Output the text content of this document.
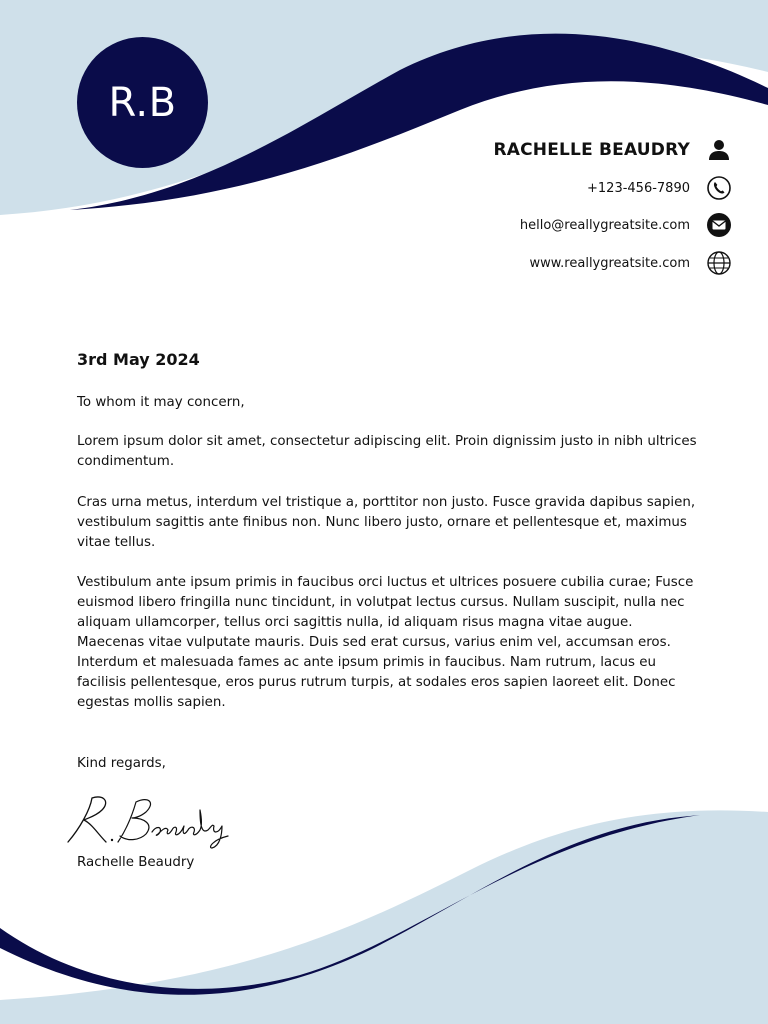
R.B
RACHELLE BEAUDRY
+123-456-7890
hello@reallygreatsite.com
www.reallygreatsite.com
3rd May 2024

To whom it may concern,

Lorem ipsum dolor sit amet, consectetur adipiscing elit. Proin dignissim justo in nibh ultrices condimentum.

Cras urna metus, interdum vel tristique a, porttitor non justo. Fusce gravida dapibus sapien, vestibulum sagittis ante finibus non. Nunc libero justo, ornare et pellentesque et, maximus vitae tellus.

Vestibulum ante ipsum primis in faucibus orci luctus et ultrices posuere cubilia curae; Fusce euismod libero fringilla nunc tincidunt, in volutpat lectus cursus. Nullam suscipit, nulla nec aliquam ullamcorper, tellus orci sagittis nulla, id aliquam risus magna vitae augue. Maecenas vitae vulputate mauris. Duis sed erat cursus, varius enim vel, accumsan eros. Interdum et malesuada fames ac ante ipsum primis in faucibus. Nam rutrum, lacus eu facilisis pellentesque, eros purus rutrum turpis, at sodales eros sapien laoreet elit. Donec egestas mollis sapien.

Kind regards,

Rachelle Beaudry
